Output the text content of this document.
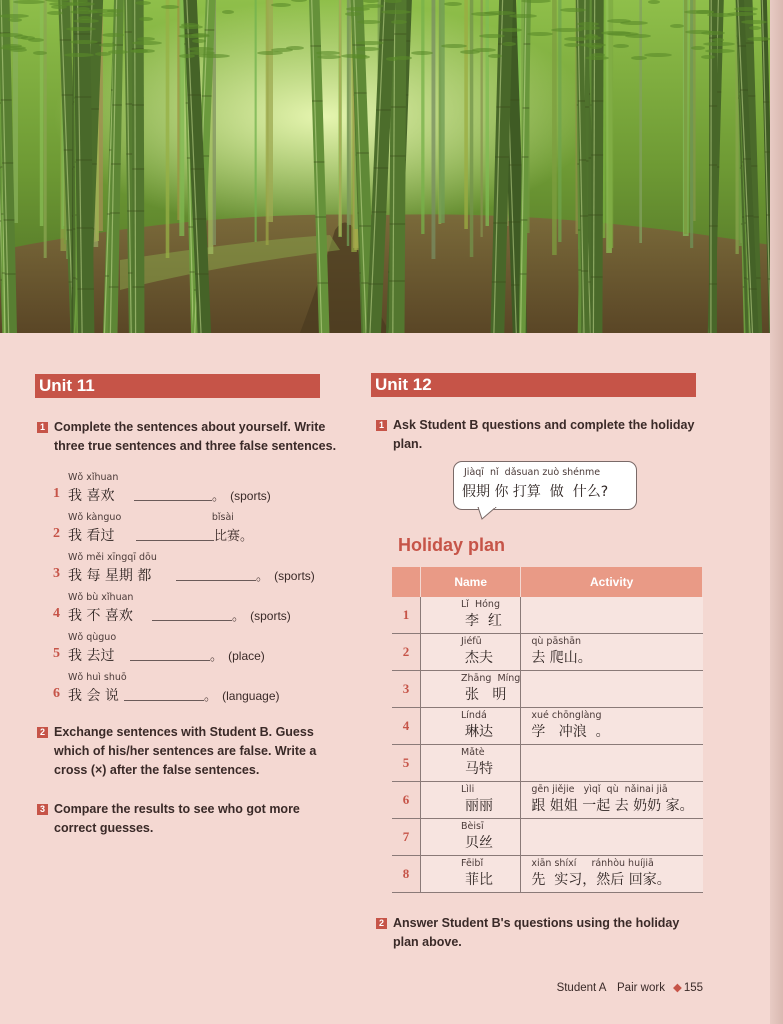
Unit 11
1 Complete the sentences about yourself. Write
three true sentences and three false sentences.
1
Wǒ xǐhuan
我 喜欢	。 (sports)
2
Wǒ kànguo                              bǐsài
我 看过	比赛。
3
Wǒ měi xīngqī dōu
我 每 星期 都	。 (sports)
4
Wǒ bù xǐhuan
我 不 喜欢	。 (sports)
5
Wǒ qùguo
我 去过	。 (place)
6
Wǒ huì shuō
我 会 说	。 (language)
2 Exchange sentences with Student B. Guess
which of his/her sentences are false. Write a
cross (×) after the false sentences.
3 Compare the results to see who got more
correct guesses.
Unit 12
1 Ask Student B questions and complete the holiday
plan.
Jiàqī  nǐ  dǎsuan zuò shénme
假期 你 打算  做  什么?
Holiday plan
	Name	Activity
1	Lǐ  Hóng
李  红	

2	Jiéfū
杰夫	qù pāshān
去 爬山。

3	Zhāng  Míng
张   明	

4	Líndá
琳达	xué chōnglàng
学   冲浪  。

5	Mǎtè
马特	

6	Lìli
丽丽	gēn jiějie   yìqǐ  qù  nǎinai jiā
跟 姐姐 一起 去 奶奶 家。

7	Bèisī
贝丝	

8	Fēibǐ
菲比	xiān shíxí     ránhòu huíjiā
先  实习，然后 回家。
2 Answer Student B's questions using the holiday
plan above.
Student A Pair work ◆ 155
